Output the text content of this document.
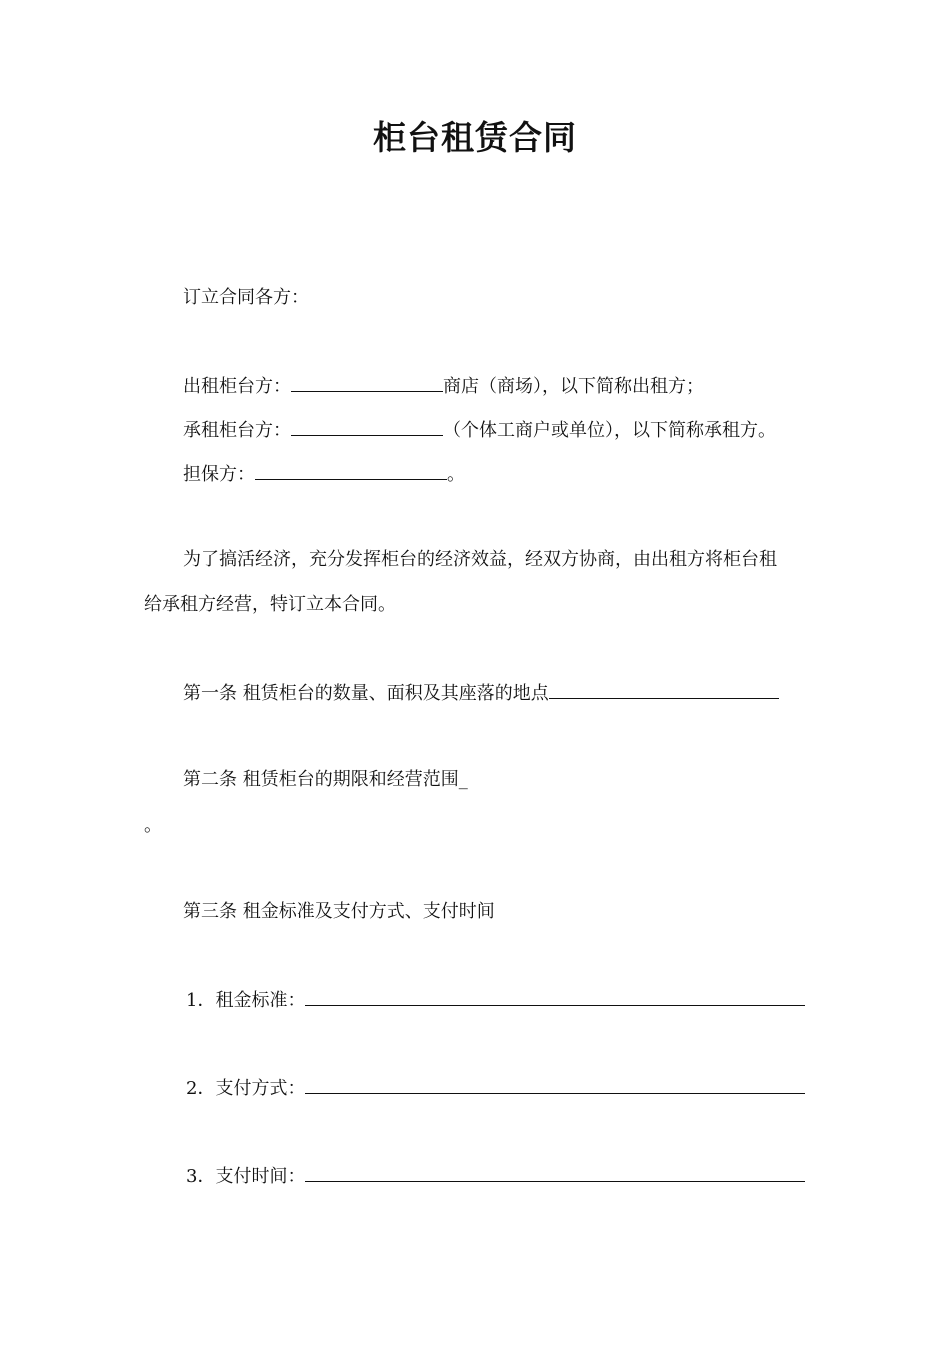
柜台租赁合同
订立合同各方：
出租柜台方：	商店（商场），以下简称出租方；
承租柜台方：	（个体工商户或单位），以下简称承租方。
担保方：	。
为了搞活经济，充分发挥柜台的经济效益，经双方协商，由出租方将柜台租
给承租方经营，特订立本合同。
第一条 租赁柜台的数量、面积及其座落的地点
第二条 租赁柜台的期限和经营范围_
。
第三条 租金标准及支付方式、支付时间
1．租金标准：
2．支付方式：
3．支付时间：
